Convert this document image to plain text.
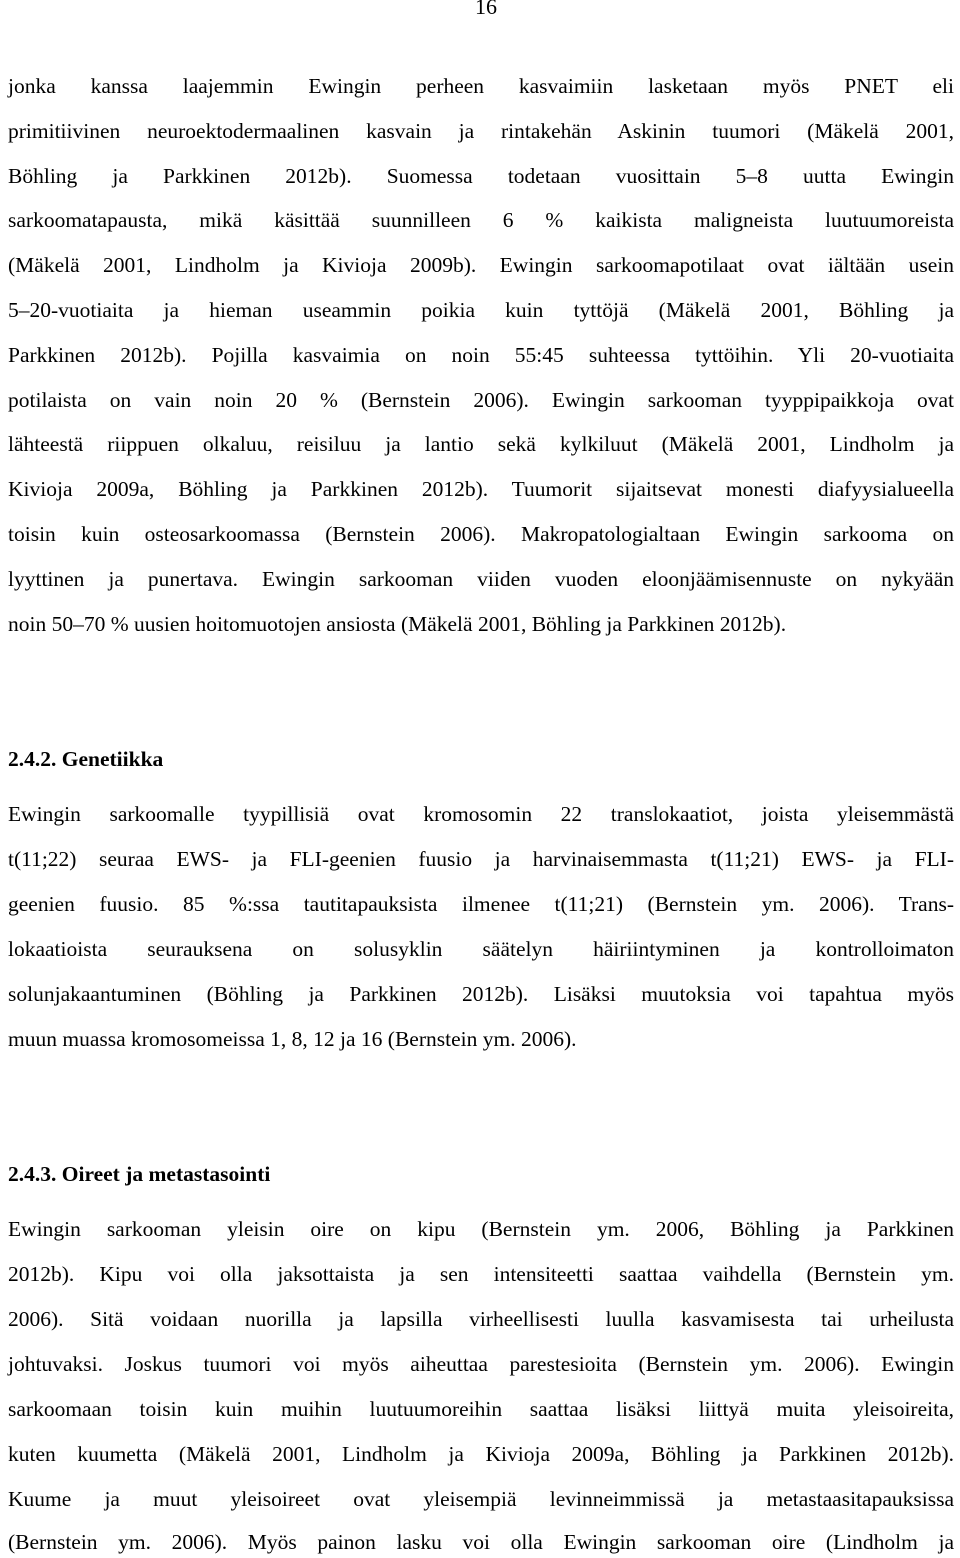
16
jonka kanssa laajemmin Ewingin perheen kasvaimiin lasketaan myös PNET eli
primitiivinen neuroektodermaalinen kasvain ja rintakehän Askinin tuumori (Mäkelä 2001,
Böhling ja Parkkinen 2012b). Suomessa todetaan vuosittain 5–8 uutta Ewingin
sarkoomatapausta, mikä käsittää suunnilleen 6 % kaikista maligneista luutuumoreista
(Mäkelä 2001, Lindholm ja Kivioja 2009b). Ewingin sarkoomapotilaat ovat iältään usein
5–20-vuotiaita ja hieman useammin poikia kuin tyttöjä (Mäkelä 2001, Böhling ja
Parkkinen 2012b). Pojilla kasvaimia on noin 55:45 suhteessa tyttöihin. Yli 20-vuotiaita
potilaista on vain noin 20 % (Bernstein 2006). Ewingin sarkooman tyyppipaikkoja ovat
lähteestä riippuen olkaluu, reisiluu ja lantio sekä kylkiluut (Mäkelä 2001, Lindholm ja
Kivioja 2009a, Böhling ja Parkkinen 2012b). Tuumorit sijaitsevat monesti diafyysialueella
toisin kuin osteosarkoomassa (Bernstein 2006). Makropatologialtaan Ewingin sarkooma on
lyyttinen ja punertava. Ewingin sarkooman viiden vuoden eloonjäämisennuste on nykyään
noin 50–70 % uusien hoitomuotojen ansiosta (Mäkelä 2001, Böhling ja Parkkinen 2012b).
2.4.2. Genetiikka
Ewingin sarkoomalle tyypillisiä ovat kromosomin 22 translokaatiot, joista yleisemmästä
t(11;22) seuraa EWS- ja FLI-geenien fuusio ja harvinaisemmasta t(11;21) EWS- ja FLI-
geenien fuusio. 85 %:ssa tautitapauksista ilmenee t(11;21) (Bernstein ym. 2006). Trans-
lokaatioista seurauksena on solusyklin säätelyn häiriintyminen ja kontrolloimaton
solunjakaantuminen (Böhling ja Parkkinen 2012b). Lisäksi muutoksia voi tapahtua myös
muun muassa kromosomeissa 1, 8, 12 ja 16 (Bernstein ym. 2006).
2.4.3. Oireet ja metastasointi
Ewingin sarkooman yleisin oire on kipu (Bernstein ym. 2006, Böhling ja Parkkinen
2012b). Kipu voi olla jaksottaista ja sen intensiteetti saattaa vaihdella (Bernstein ym.
2006). Sitä voidaan nuorilla ja lapsilla virheellisesti luulla kasvamisesta tai urheilusta
johtuvaksi. Joskus tuumori voi myös aiheuttaa parestesioita (Bernstein ym. 2006). Ewingin
sarkoomaan toisin kuin muihin luutuumoreihin saattaa lisäksi liittyä muita yleisoireita,
kuten kuumetta (Mäkelä 2001, Lindholm ja Kivioja 2009a, Böhling ja Parkkinen 2012b).
Kuume ja muut yleisoireet ovat yleisempiä levinneimmissä ja metastaasitapauksissa
(Bernstein ym. 2006). Myös painon lasku voi olla Ewingin sarkooman oire (Lindholm ja
